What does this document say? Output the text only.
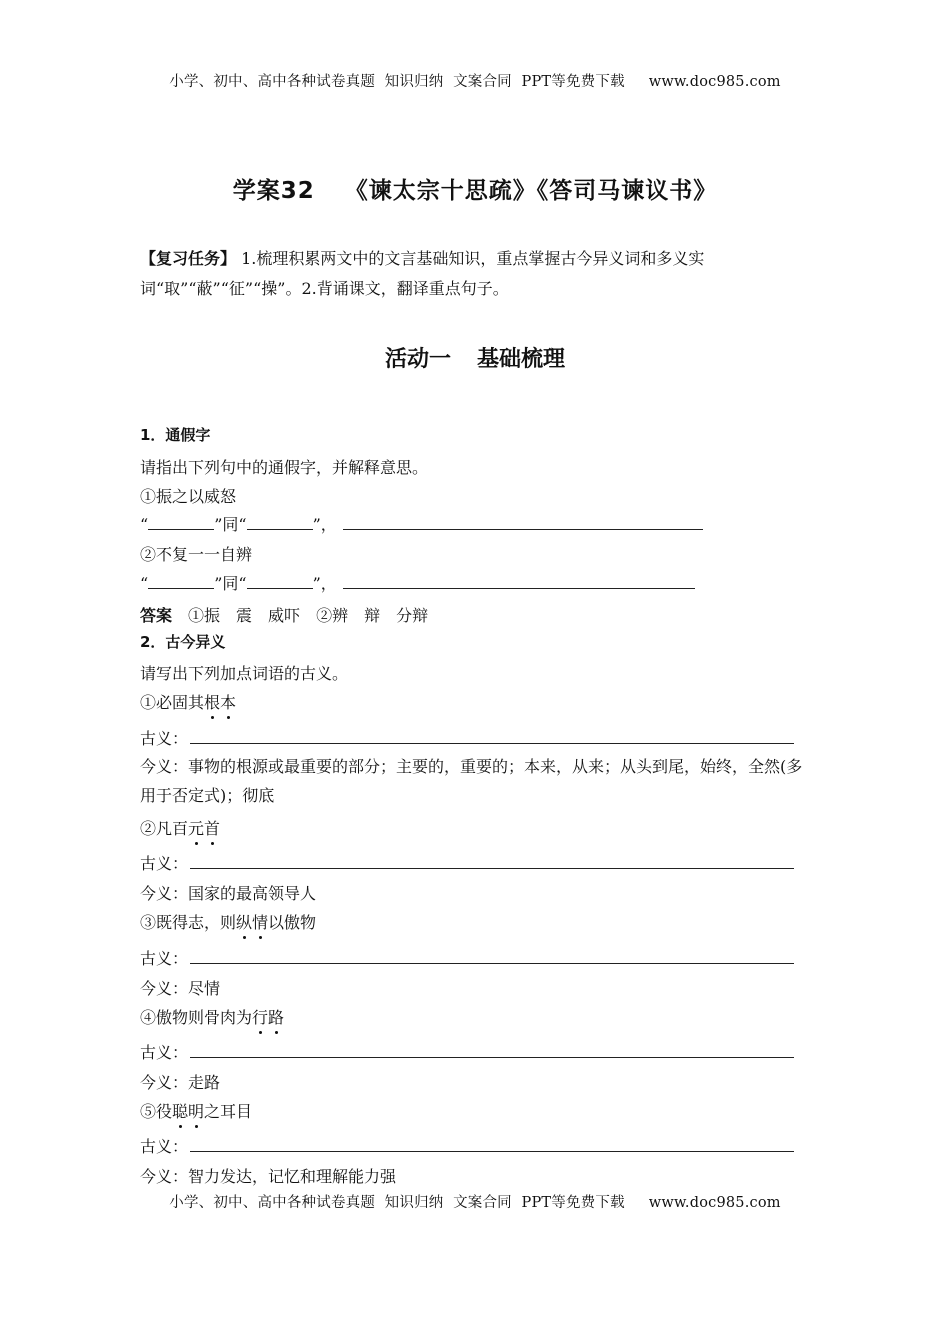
小学、初中、高中各种试卷真题  知识归纳  文案合同  PPT等免费下载 www.doc985.com
学案32 《谏太宗十思疏》《答司马谏议书》
【复习任务】 1.梳理积累两文中的文言基础知识，重点掌握古今异义词和多义实词“取”“蔽”“征”“操”。2.背诵课文，翻译重点句子。
活动一 基础梳理
1．通假字
请指出下列句中的通假字，并解释意思。
①振之以威怒
“	”同“	”，
②不复一一自辨
“	”同“	”，
答案 ①振 震 威吓 ②辨 辩 分辩
2．古今异义
请写出下列加点词语的古义。
①必固其根本
古义：
今义：事物的根源或最重要的部分；主要的，重要的；本来，从来；从头到尾，始终，全然(多用于否定式)；彻底
②凡百元首
古义：
今义：国家的最高领导人
③既得志，则纵情以傲物
古义：
今义：尽情
④傲物则骨肉为行路
古义：
今义：走路
⑤役聪明之耳目
古义：
今义：智力发达，记忆和理解能力强
小学、初中、高中各种试卷真题  知识归纳  文案合同  PPT等免费下载 www.doc985.com
